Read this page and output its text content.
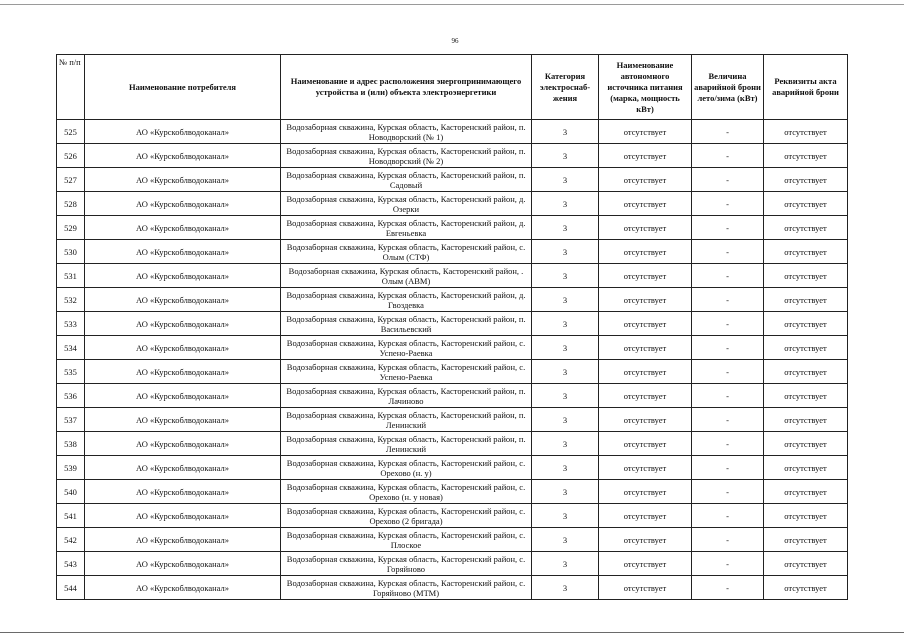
96
№ п/п	Наименование потребителя	Наименование и адрес расположения энергопринимающего устройства и (или) объекта электроэнергетики	Категория электроснаб-жения	Наименование автономного источника питания (марка, мощность кВт)	Величина аварийной брони лето/зима (кВт)	Реквизиты акта аварийной брони
525	АО «Курскоблводоканал»	Водозаборная скважина, Курская область, Касторенский район, п. Новодворский (№ 1)	3	отсутствует	-	отсутствует
526	АО «Курскоблводоканал»	Водозаборная скважина, Курская область, Касторенский район, п. Новодворский (№ 2)	3	отсутствует	-	отсутствует
527	АО «Курскоблводоканал»	Водозаборная скважина, Курская область, Касторенский район, п. Садовый	3	отсутствует	-	отсутствует
528	АО «Курскоблводоканал»	Водозаборная скважина, Курская область, Касторенский район, д. Озерки	3	отсутствует	-	отсутствует
529	АО «Курскоблводоканал»	Водозаборная скважина, Курская область, Касторенский район, д. Евгеньевка	3	отсутствует	-	отсутствует
530	АО «Курскоблводоканал»	Водозаборная скважина, Курская область, Касторенский район, с. Олым (СТФ)	3	отсутствует	-	отсутствует
531	АО «Курскоблводоканал»	Водозаборная скважина, Курская область, Касторенский район, . Олым (АВМ)	3	отсутствует	-	отсутствует
532	АО «Курскоблводоканал»	Водозаборная скважина, Курская область, Касторенский район, д. Гвоздевка	3	отсутствует	-	отсутствует
533	АО «Курскоблводоканал»	Водозаборная скважина, Курская область, Касторенский район, п. Васильевский	3	отсутствует	-	отсутствует
534	АО «Курскоблводоканал»	Водозаборная скважина, Курская область, Касторенский район, с. Успено-Раевка	3	отсутствует	-	отсутствует
535	АО «Курскоблводоканал»	Водозаборная скважина, Курская область, Касторенский район, с. Успено-Раевка	3	отсутствует	-	отсутствует
536	АО «Курскоблводоканал»	Водозаборная скважина, Курская область, Касторенский район, п. Лачиново	3	отсутствует	-	отсутствует
537	АО «Курскоблводоканал»	Водозаборная скважина, Курская область, Касторенский район, п. Ленинский	3	отсутствует	-	отсутствует
538	АО «Курскоблводоканал»	Водозаборная скважина, Курская область, Касторенский район, п. Ленинский	3	отсутствует	-	отсутствует
539	АО «Курскоблводоканал»	Водозаборная скважина, Курская область, Касторенский район, с. Орехово (н. у)	3	отсутствует	-	отсутствует
540	АО «Курскоблводоканал»	Водозаборная скважина, Курская область, Касторенский район, с. Орехово (н. у новая)	3	отсутствует	-	отсутствует
541	АО «Курскоблводоканал»	Водозаборная скважина, Курская область, Касторенский район, с. Орехово (2 бригада)	3	отсутствует	-	отсутствует
542	АО «Курскоблводоканал»	Водозаборная скважина, Курская область, Касторенский район, с. Плоское	3	отсутствует	-	отсутствует
543	АО «Курскоблводоканал»	Водозаборная скважина, Курская область, Касторенский район, с. Горяйново	3	отсутствует	-	отсутствует
544	АО «Курскоблводоканал»	Водозаборная скважина, Курская область, Касторенский район, с. Горяйново (МТМ)	3	отсутствует	-	отсутствует
